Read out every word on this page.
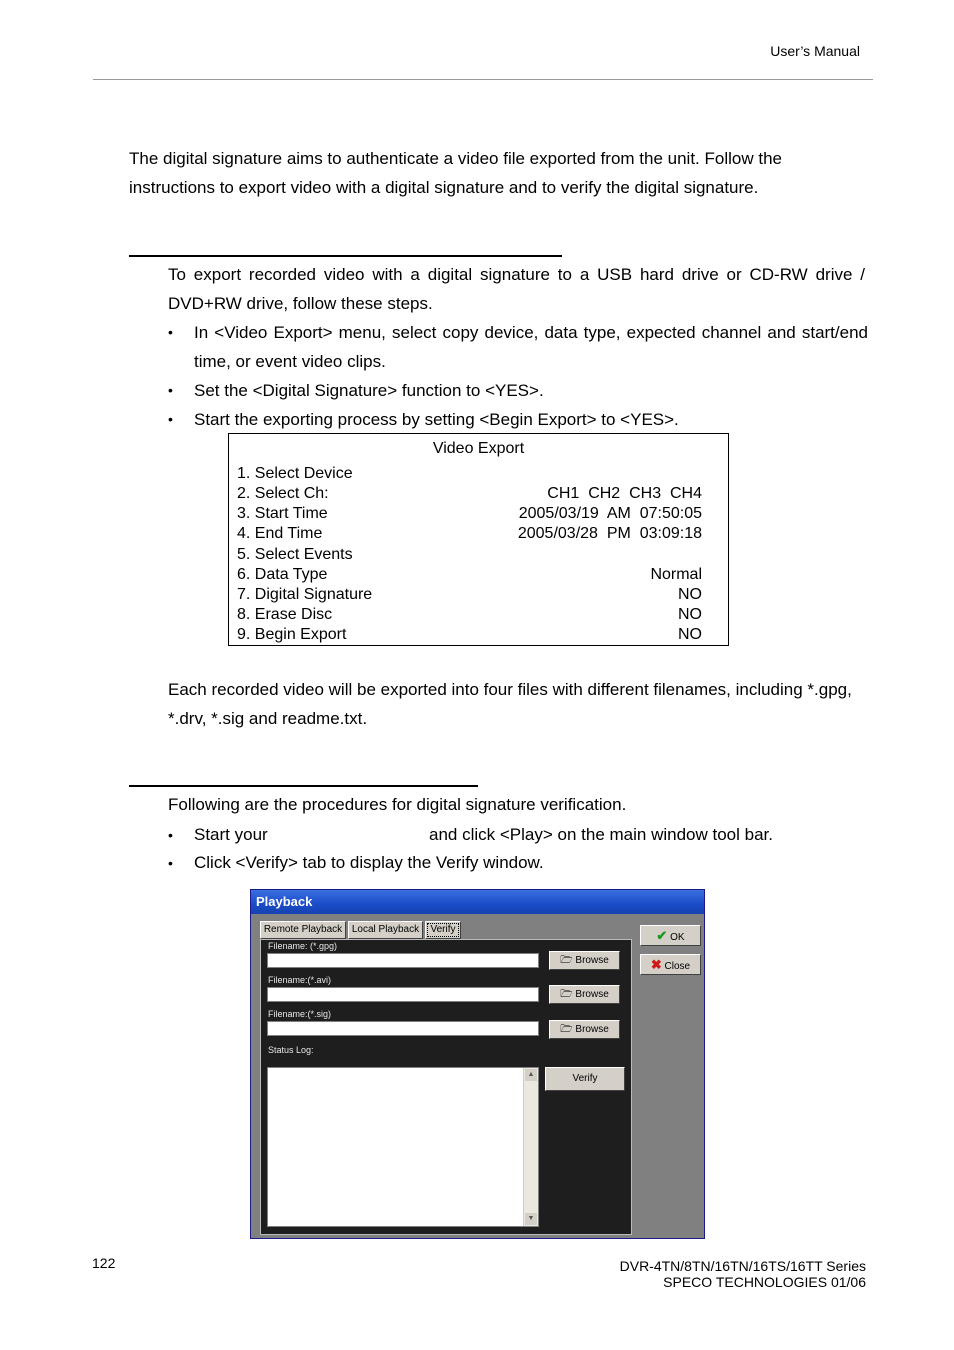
User’s Manual
The digital signature aims to authenticate a video file exported from the unit. Follow the instructions to export video with a digital signature and to verify the digital signature.
To export recorded video with a digital signature to a USB hard drive or CD-RW drive / DVD+RW drive, follow these steps.
• In <Video Export> menu, select copy device, data type, expected channel and start/end time, or event video clips.
• Set the <Digital Signature> function to <YES>.
• Start the exporting process by setting <Begin Export> to <YES>.
Video Export
1. Select Device
2. Select Ch:	CH1  CH2  CH3  CH4
3. Start Time	2005/03/19  AM  07:50:05
4. End Time	2005/03/28  PM  03:09:18
5. Select Events
6. Data Type	Normal
7. Digital Signature	NO
8. Erase Disc	NO
9. Begin Export	NO
Each recorded video will be exported into four files with different filenames, including *.gpg, *.drv, *.sig and readme.txt.
Following are the procedures for digital signature verification.
•	Start your	and click <Play> on the main window tool bar.
•	Click <Verify> tab to display the Verify window.
Playback
Remote Playback Local Playback	Verify	✔ OK
✖ Close
Filename: (*.gpg)
🗁 Browse
Filename:(*.avi)
🗁 Browse
Filename:(*.sig)
🗁 Browse
Status Log:
▲
▼
Verify
122	DVR-4TN/8TN/16TN/16TS/16TT Series
SPECO TECHNOLOGIES 01/06
